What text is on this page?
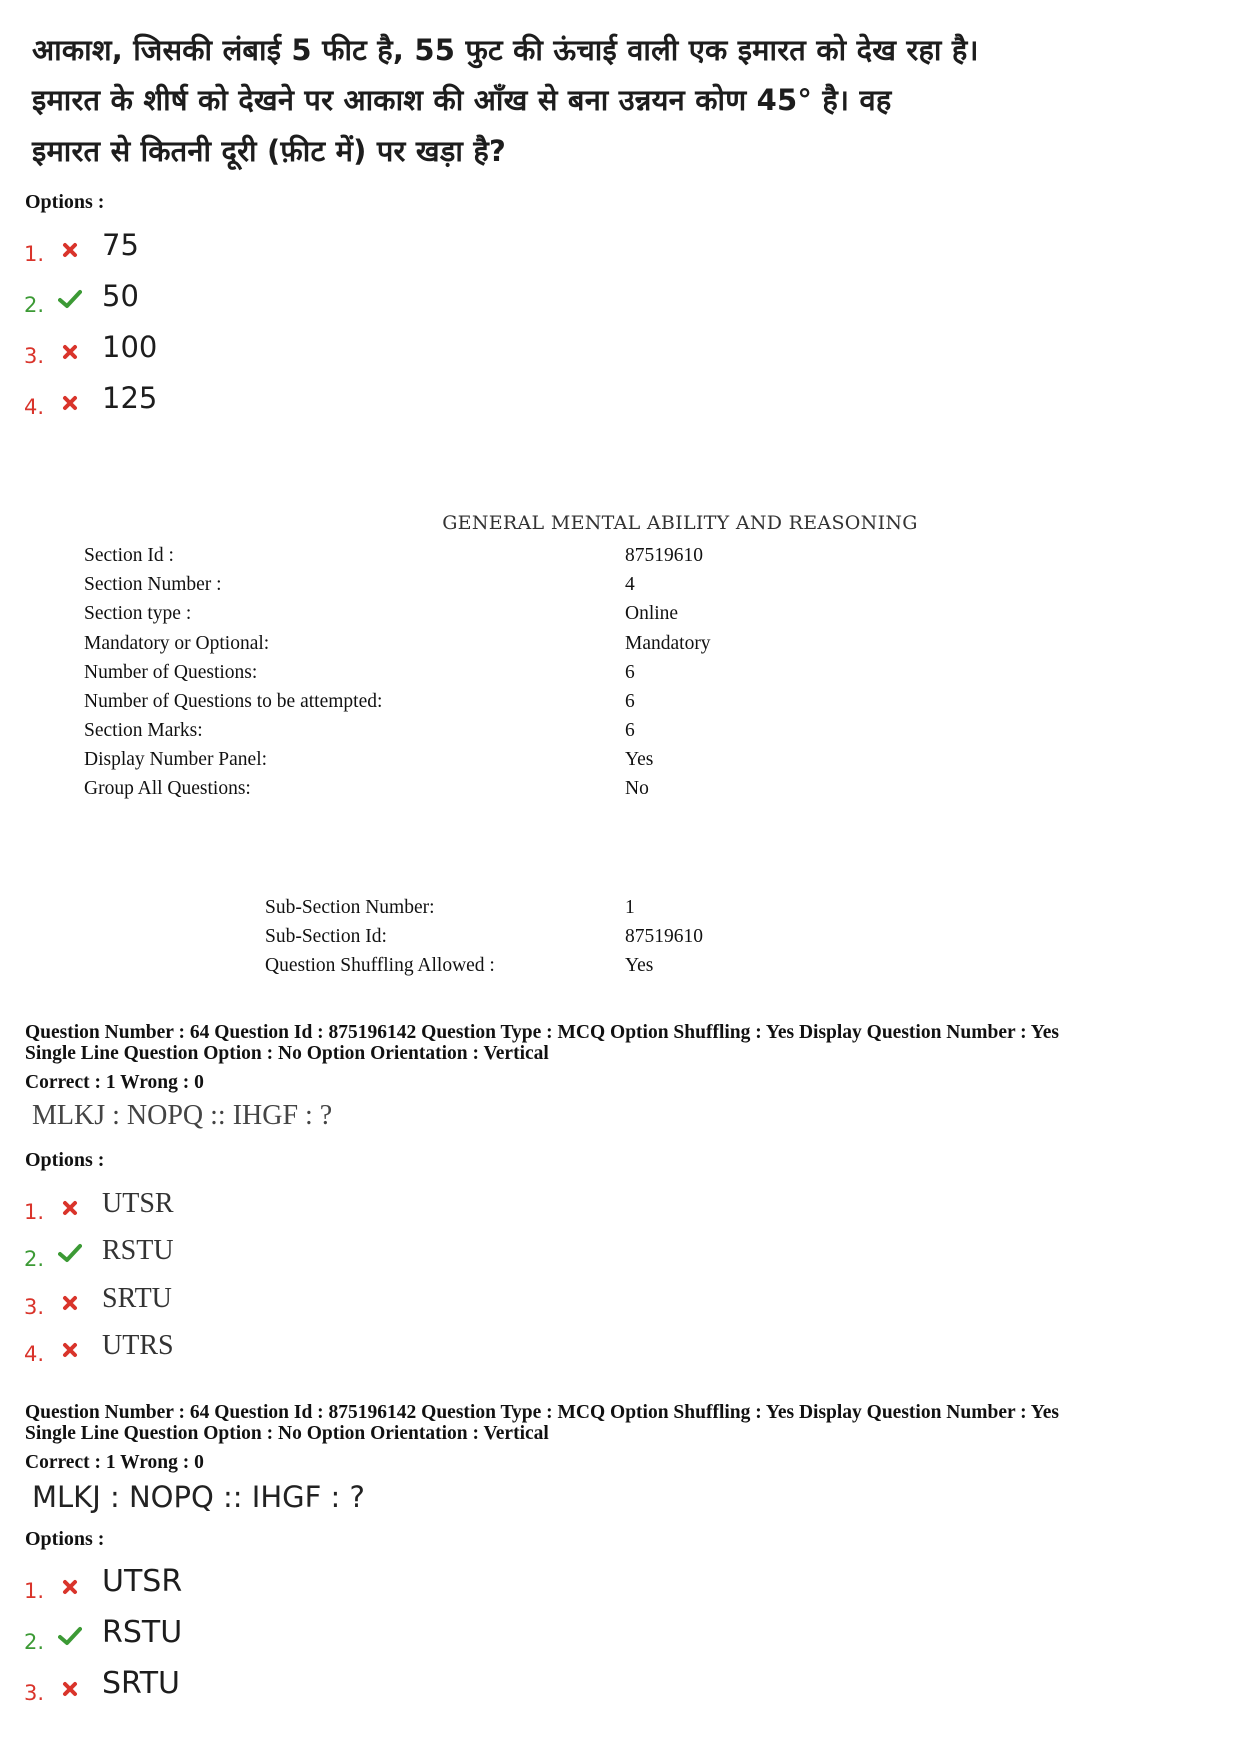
आकाश, जिसकी लंबाई 5 फीट है, 55 फुट की ऊंचाई वाली एक इमारत को देख रहा है।
इमारत के शीर्ष को देखने पर आकाश की आँख से बना उन्नयन कोण 45° है। वह
इमारत से कितनी दूरी (फ़ीट में) पर खड़ा है?
Options :
1. 75
2. 50
3. 100
4. 125
GENERAL MENTAL ABILITY AND REASONING
Section Id :	87519610
Section Number :	4
Section type :	Online
Mandatory or Optional:	Mandatory
Number of Questions:	6
Number of Questions to be attempted:	6
Section Marks:	6
Display Number Panel:	Yes
Group All Questions:	No
Sub-Section Number:	1
Sub-Section Id:	87519610
Question Shuffling Allowed :	Yes
Question Number : 64 Question Id : 875196142 Question Type : MCQ Option Shuffling : Yes Display Question Number : Yes
Single Line Question Option : No Option Orientation : Vertical
Correct : 1 Wrong : 0
MLKJ : NOPQ :: IHGF : ?
Options :
1. UTSR
2. RSTU
3. SRTU
4. UTRS
Question Number : 64 Question Id : 875196142 Question Type : MCQ Option Shuffling : Yes Display Question Number : Yes
Single Line Question Option : No Option Orientation : Vertical
Correct : 1 Wrong : 0
MLKJ : NOPQ :: IHGF : ?
Options :
1. UTSR
2. RSTU
3. SRTU
